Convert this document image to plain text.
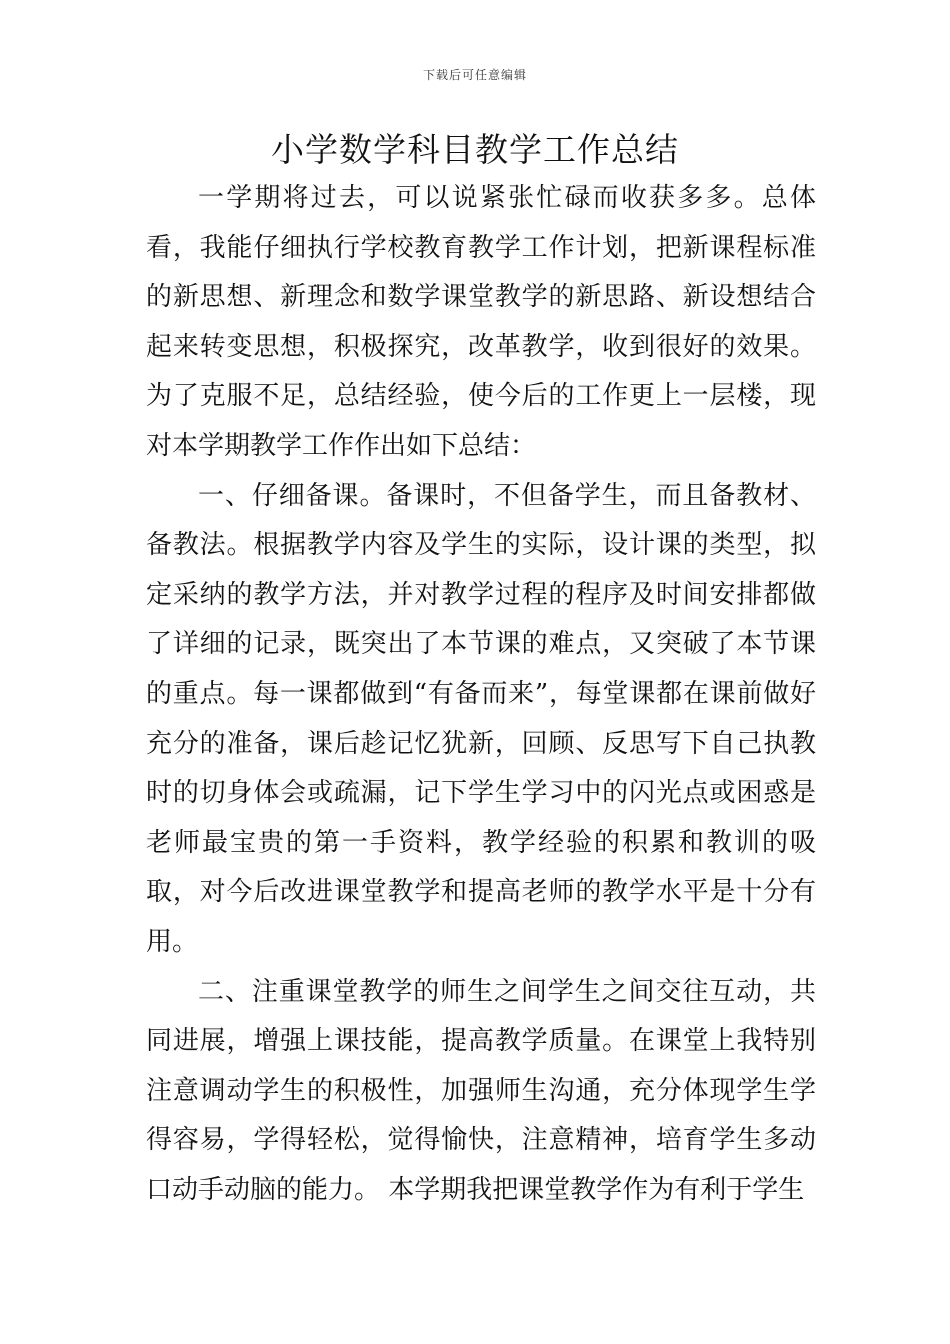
下载后可任意编辑
小学数学科目教学工作总结

一学期将过去，可以说紧张忙碌而收获多多。总体看，我能仔细执行学校教育教学工作计划，把新课程标准的新思想、新理念和数学课堂教学的新思路、新设想结合起来转变思想，积极探究，改革教学，收到很好的效果。为了克服不足，总结经验，使今后的工作更上一层楼，现对本学期教学工作作出如下总结：

一、仔细备课。备课时，不但备学生，而且备教材、备教法。根据教学内容及学生的实际，设计课的类型，拟定采纳的教学方法，并对教学过程的程序及时间安排都做了详细的记录，既突出了本节课的难点，又突破了本节课的重点。每一课都做到“有备而来”，每堂课都在课前做好充分的准备，课后趁记忆犹新，回顾、反思写下自己执教时的切身体会或疏漏，记下学生学习中的闪光点或困惑是老师最宝贵的第一手资料，教学经验的积累和教训的吸取，对今后改进课堂教学和提高老师的教学水平是十分有用。

二、注重课堂教学的师生之间学生之间交往互动，共同进展，增强上课技能，提高教学质量。在课堂上我特别注意调动学生的积极性，加强师生沟通，充分体现学生学得容易，学得轻松，觉得愉快，注意精神，培育学生多动口动手动脑的能力。 本学期我把课堂教学作为有利于学生
